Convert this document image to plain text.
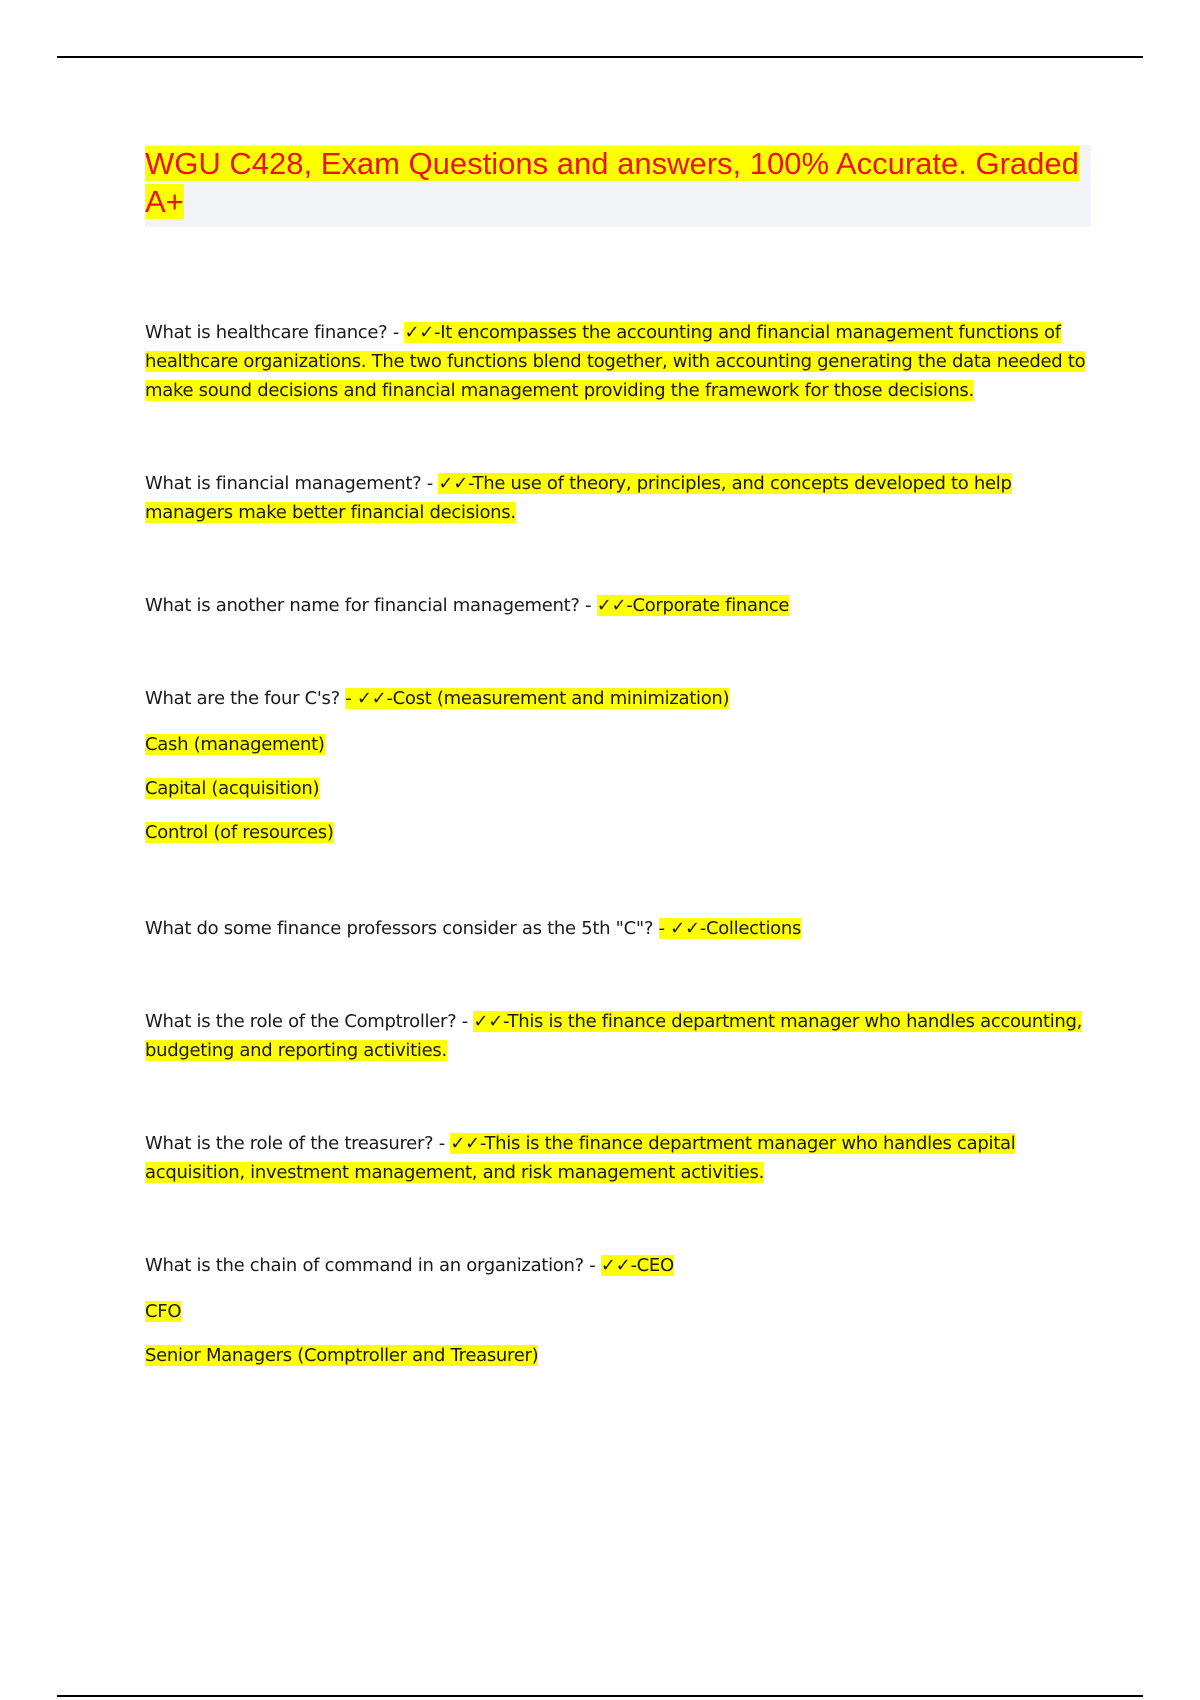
WGU C428, Exam Questions and answers, 100% Accurate. Graded A+

What is healthcare finance? - ✓✓-It encompasses the accounting and financial management functions of healthcare organizations. The two functions blend together, with accounting generating the data needed to make sound decisions and financial management providing the framework for those decisions.

What is financial management? - ✓✓-The use of theory, principles, and concepts developed to help managers make better financial decisions.

What is another name for financial management? - ✓✓-Corporate finance

What are the four C's? - ✓✓-Cost (measurement and minimization)

Cash (management)

Capital (acquisition)

Control (of resources)

What do some finance professors consider as the 5th "C"? - ✓✓-Collections

What is the role of the Comptroller? - ✓✓-This is the finance department manager who handles accounting, budgeting and reporting activities.

What is the role of the treasurer? - ✓✓-This is the finance department manager who handles capital acquisition, investment management, and risk management activities.

What is the chain of command in an organization? - ✓✓-CEO

CFO

Senior Managers (Comptroller and Treasurer)
